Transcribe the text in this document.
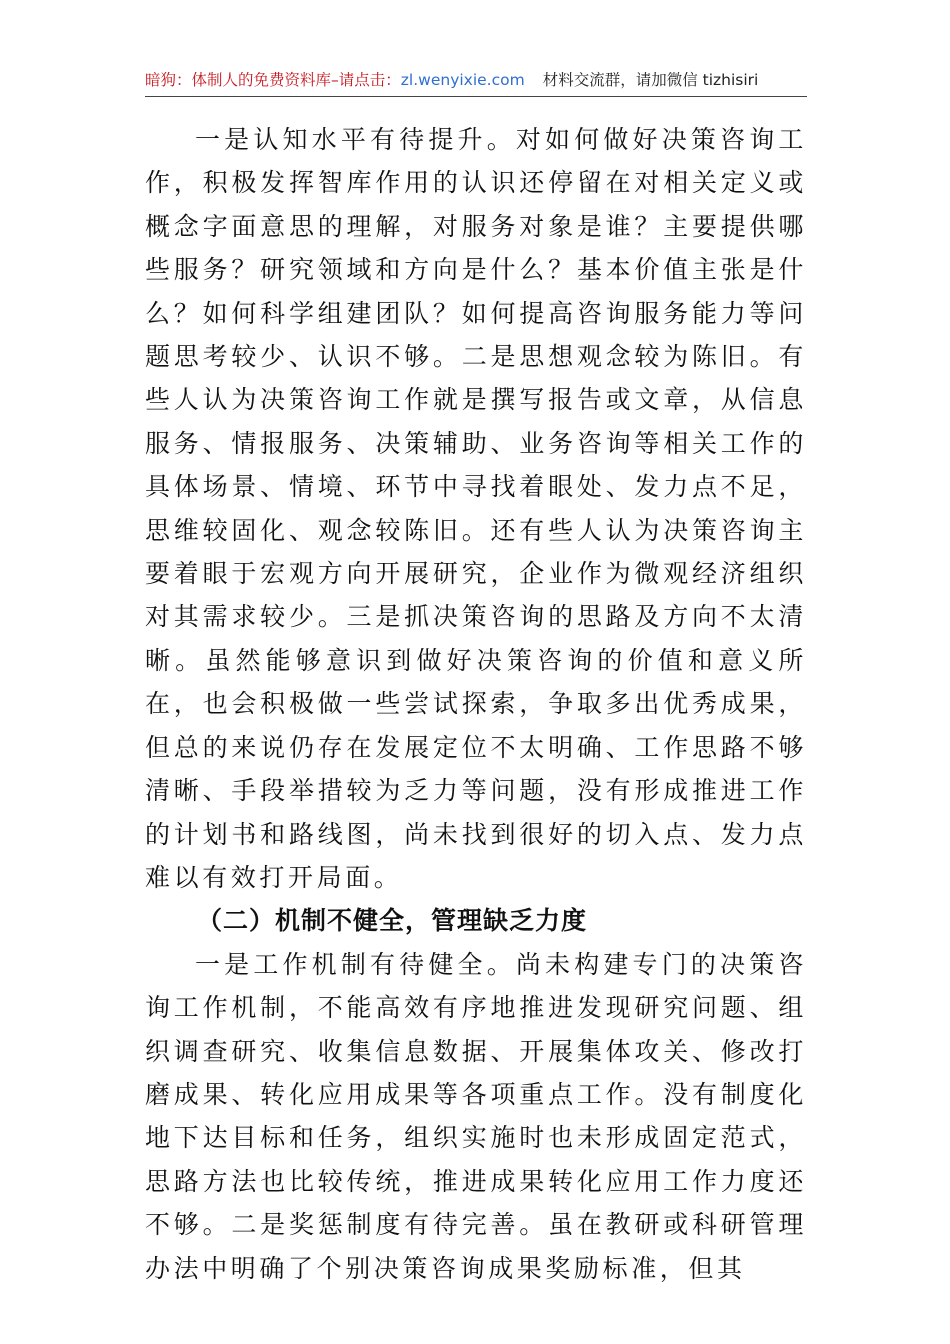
暗狗：体制人的免费资料库–请点击：zl.wenyixie.com 材料交流群，请加微信 tizhisiri

一是认知水平有待提升。对如何做好决策咨询工作，积极发挥智库作用的认识还停留在对相关定义或概念字面意思的理解，对服务对象是谁？主要提供哪些服务？研究领域和方向是什么？基本价值主张是什么？如何科学组建团队？如何提高咨询服务能力等问题思考较少、认识不够。二是思想观念较为陈旧。有些人认为决策咨询工作就是撰写报告或文章，从信息服务、情报服务、决策辅助、业务咨询等相关工作的具体场景、情境、环节中寻找着眼处、发力点不足，思维较固化、观念较陈旧。还有些人认为决策咨询主要着眼于宏观方向开展研究，企业作为微观经济组织对其需求较少。三是抓决策咨询的思路及方向不太清晰。虽然能够意识到做好决策咨询的价值和意义所在，也会积极做一些尝试探索，争取多出优秀成果，但总的来说仍存在发展定位不太明确、工作思路不够清晰、手段举措较为乏力等问题，没有形成推进工作的计划书和路线图，尚未找到很好的切入点、发力点难以有效打开局面。

（二）机制不健全，管理缺乏力度

一是工作机制有待健全。尚未构建专门的决策咨询工作机制，不能高效有序地推进发现研究问题、组织调查研究、收集信息数据、开展集体攻关、修改打磨成果、转化应用成果等各项重点工作。没有制度化地下达目标和任务，组织实施时也未形成固定范式，思路方法也比较传统，推进成果转化应用工作力度还不够。二是奖惩制度有待完善。虽在教研或科研管理办法中明确了个别决策咨询成果奖励标准，但其
